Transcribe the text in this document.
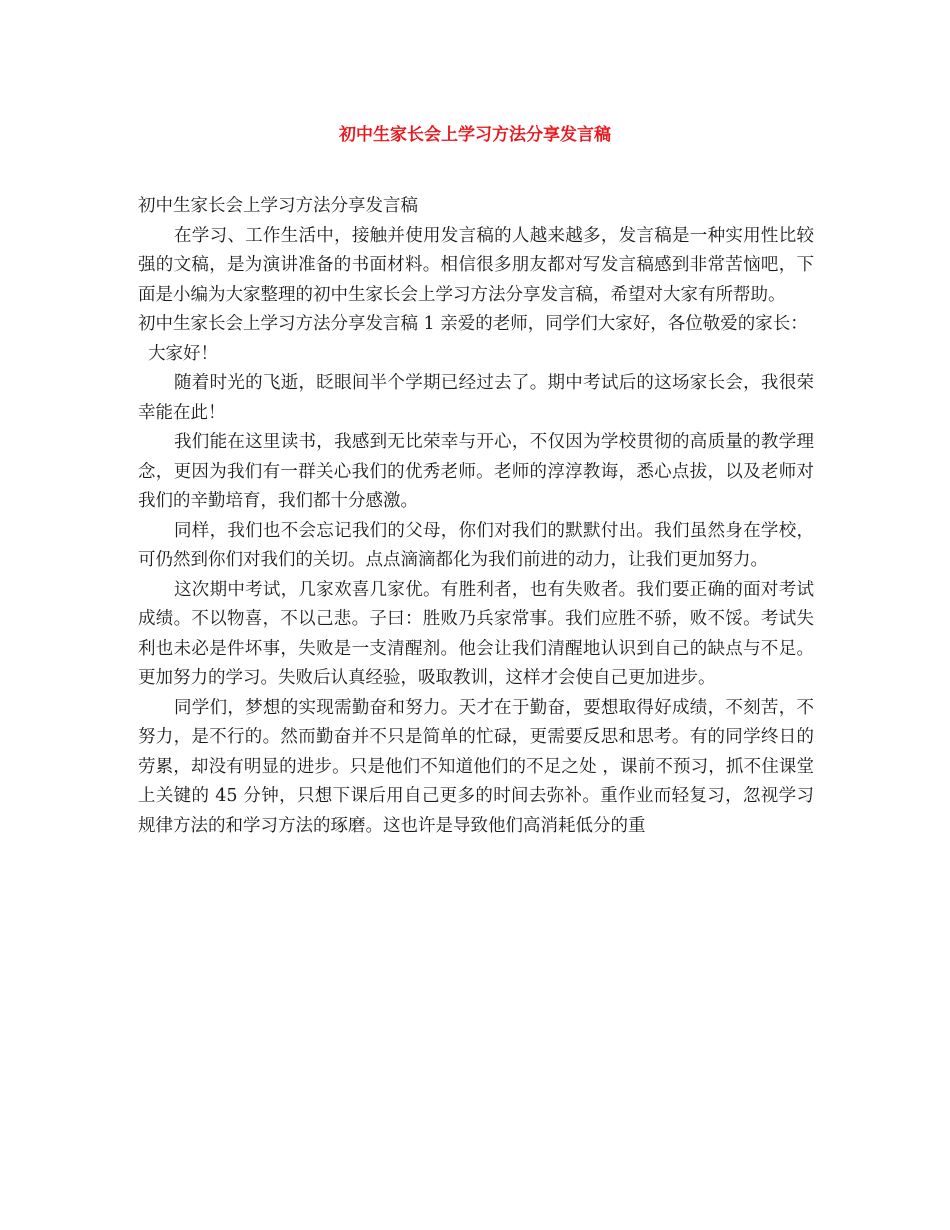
初中生家长会上学习方法分享发言稿

初中生家长会上学习方法分享发言稿

在学习、工作生活中，接触并使用发言稿的人越来越多，发言稿是一种实用性比较强的文稿，是为演讲准备的书面材料。相信很多朋友都对写发言稿感到非常苦恼吧，下面是小编为大家整理的初中生家长会上学习方法分享发言稿，希望对大家有所帮助。

初中生家长会上学习方法分享发言稿 1 亲爱的老师，同学们大家好，各位敬爱的家长：

大家好！

随着时光的飞逝，眨眼间半个学期已经过去了。期中考试后的这场家长会，我很荣幸能在此！

我们能在这里读书，我感到无比荣幸与开心，不仅因为学校贯彻的高质量的教学理念，更因为我们有一群关心我们的优秀老师。老师的淳淳教诲，悉心点拔，以及老师对我们的辛勤培育，我们都十分感激。

同样，我们也不会忘记我们的父母，你们对我们的默默付出。我们虽然身在学校，可仍然到你们对我们的关切。点点滴滴都化为我们前进的动力，让我们更加努力。

这次期中考试，几家欢喜几家优。有胜利者，也有失败者。我们要正确的面对考试成绩。不以物喜，不以己悲。子曰：胜败乃兵家常事。我们应胜不骄，败不馁。考试失利也未必是件坏事，失败是一支清醒剂。他会让我们清醒地认识到自己的缺点与不足。更加努力的学习。失败后认真经验，吸取教训，这样才会使自己更加进步。

同学们，梦想的实现需勤奋和努力。天才在于勤奋，要想取得好成绩，不刻苦，不努力，是不行的。然而勤奋并不只是简单的忙碌，更需要反思和思考。有的同学终日的劳累，却没有明显的进步。只是他们不知道他们的不足之处 ，课前不预习，抓不住课堂上关键的 45 分钟，只想下课后用自己更多的时间去弥补。重作业而轻复习，忽视学习规律方法的和学习方法的琢磨。这也许是导致他们高消耗低分的重
